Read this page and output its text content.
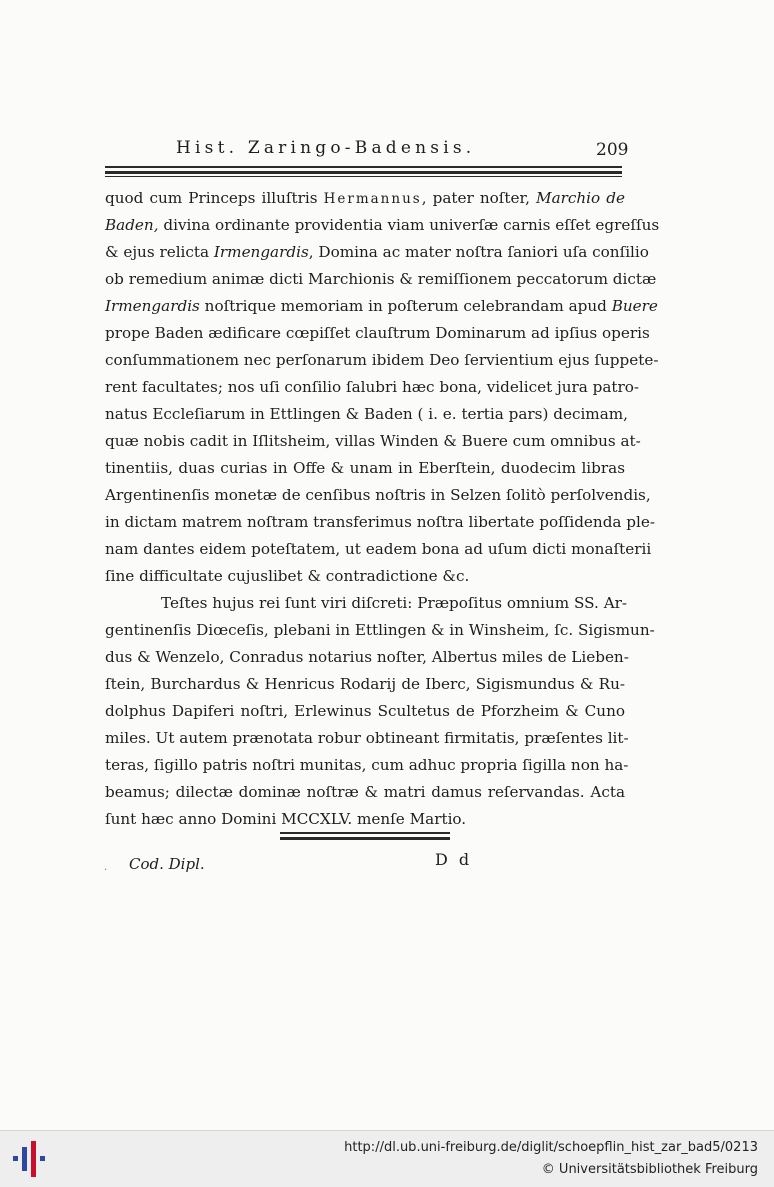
Hist. Zaringo-Badensis.	209
quod cum Princeps illuſtris Hermannus, pater noſter, Marchio de
Baden, divina ordinante providentia viam univerſæ carnis eſſet egreſſus
& ejus relicta Irmengardis, Domina ac mater noſtra ſaniori uſa conſilio
ob remedium animæ dicti Marchionis & remiſſionem peccatorum dictæ
Irmengardis noſtrique memoriam in poſterum celebrandam apud Buere
prope Baden ædificare cœpiſſet clauſtrum Dominarum ad ipſius operis
conſummationem nec perſonarum ibidem Deo ſervientium ejus ſuppete-
rent facultates; nos uſi conſilio ſalubri hæc bona, videlicet jura patro-
natus Eccleſiarum in Ettlingen & Baden ( i. e. tertia pars) decimam,
quæ nobis cadit in Iſlitsheim, villas Winden & Buere cum omnibus at-
tinentiis, duas curias in Offe & unam in Eberſtein, duodecim libras
Argentinenſis monetæ de cenſibus noſtris in Selzen ſolitò perſolvendis,
in dictam matrem noſtram transferimus noſtra libertate poſſidenda ple-
nam dantes eidem poteſtatem, ut eadem bona ad uſum dicti monaſterii
ſine difficultate cujuslibet & contradictione &c.
Teſtes hujus rei ſunt viri diſcreti: Præpoſitus omnium SS. Ar-
gentinenſis Diœceſis, plebani in Ettlingen & in Winsheim, ſc. Sigismun-
dus & Wenzelo, Conradus notarius noſter, Albertus miles de Lieben-
ſtein, Burchardus & Henricus Rodarij de Iberc, Sigismundus & Ru-
dolphus Dapiferi noſtri, Erlewinus Scultetus de Pforzheim & Cuno
miles. Ut autem prænotata robur obtineant firmitatis, præſentes lit-
teras, ſigillo patris noſtri munitas, cum adhuc propria ſigilla non ha-
beamus; dilectæ dominæ noſtræ & matri damus reſervandas. Acta
ſunt hæc anno Domini MCCXLV. menſe Martio.
· Cod. Dipl.	D d
http://dl.ub.uni-freiburg.de/diglit/schoepflin_hist_zar_bad5/0213
© Universitätsbibliothek Freiburg
